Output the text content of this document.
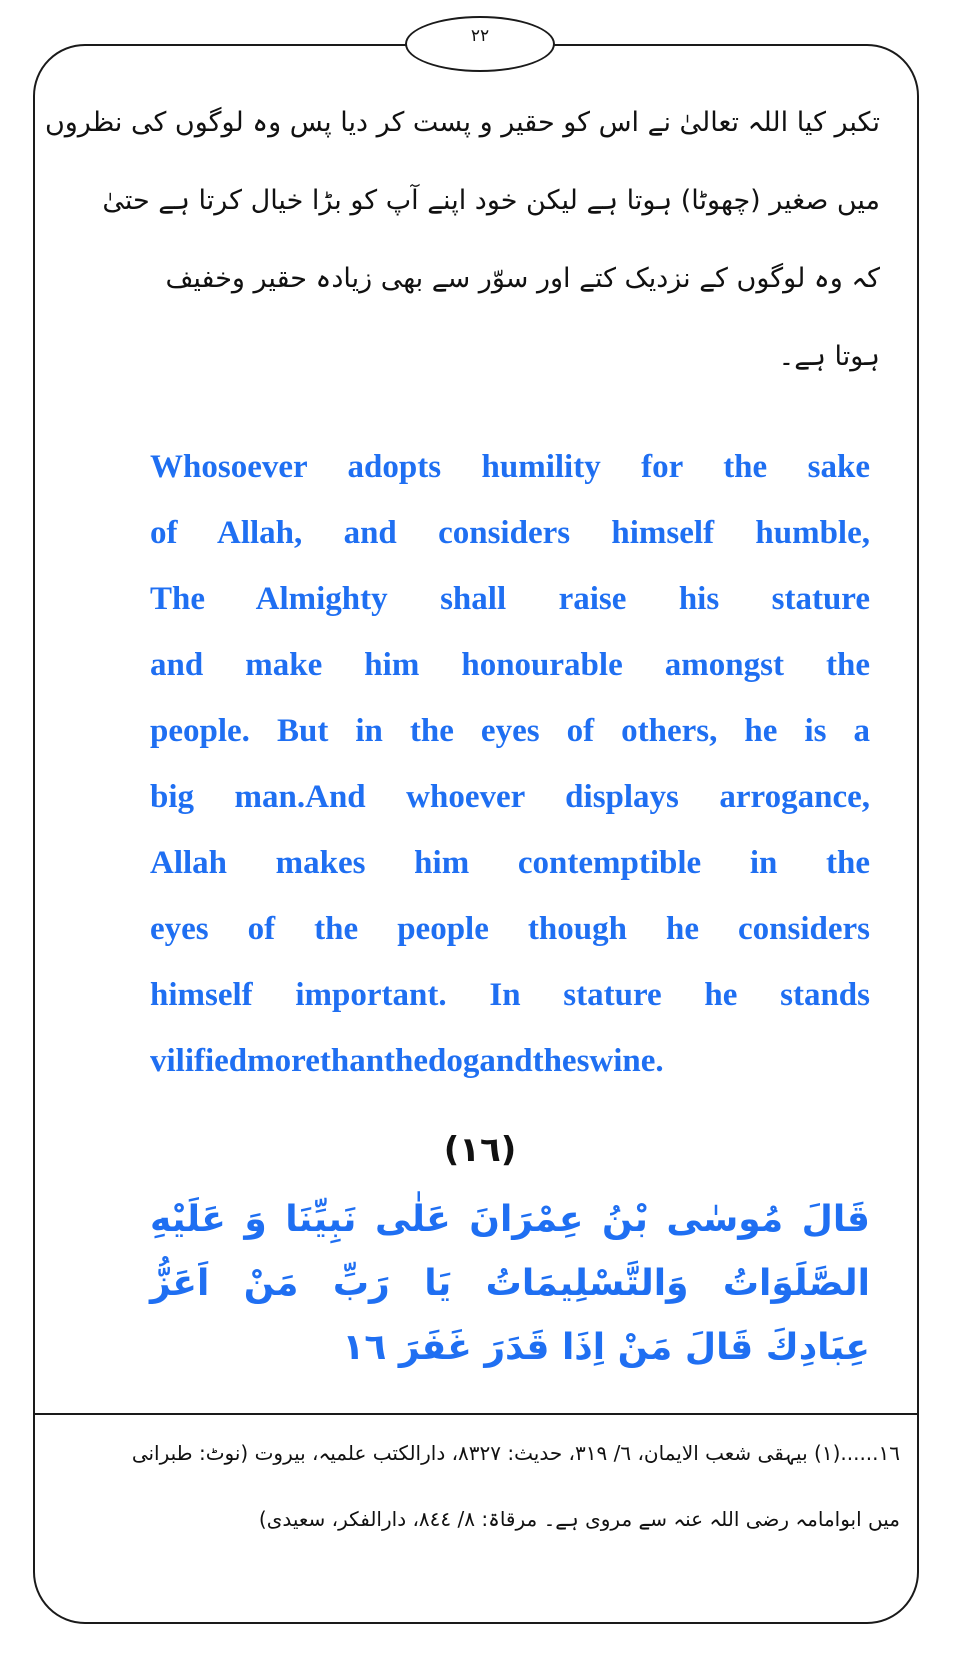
۲۲
تکبر کیا اللہ تعالیٰ نے اس کو حقیر و پست کر دیا پس وہ لوگوں کی نظروں
میں صغیر (چھوٹا) ہوتا ہے لیکن خود اپنے آپ کو بڑا خیال کرتا ہے حتیٰ
کہ وہ لوگوں کے نزدیک کتے اور سوّر سے بھی زیادہ حقیر وخفیف
ہوتا ہے۔
Whosoever adopts humility for the sake
of Allah, and considers himself humble,
The Almighty shall raise his stature
and make him honourable amongst the
people. But in the eyes of others, he is a
big man.And whoever displays arrogance,
Allah makes him contemptible in the
eyes of the people though he considers
himself important. In stature he stands
vilifiedmorethanthedogandtheswine.
(١٦)
قَالَ مُوسٰى بْنُ عِمْرَانَ عَلٰى نَبِيِّنَا وَ عَلَيْهِ
الصَّلَوَاتُ وَالتَّسْلِيمَاتُ يَا رَبِّ مَنْ اَعَزُّ
عِبَادِكَ قَالَ مَنْ اِذَا قَدَرَ غَفَرَ ١٦
١٦......(١) بیہقی شعب الایمان، ٦/ ٣١٩، حدیث: ٨٣٢٧، دارالکتب علمیہ، بیروت (نوٹ: طبرانی
میں ابوامامہ رضی اللہ عنہ سے مروی ہے۔ مرقاۃ: ٨/ ٨٤٤، دارالفکر، سعیدی)
